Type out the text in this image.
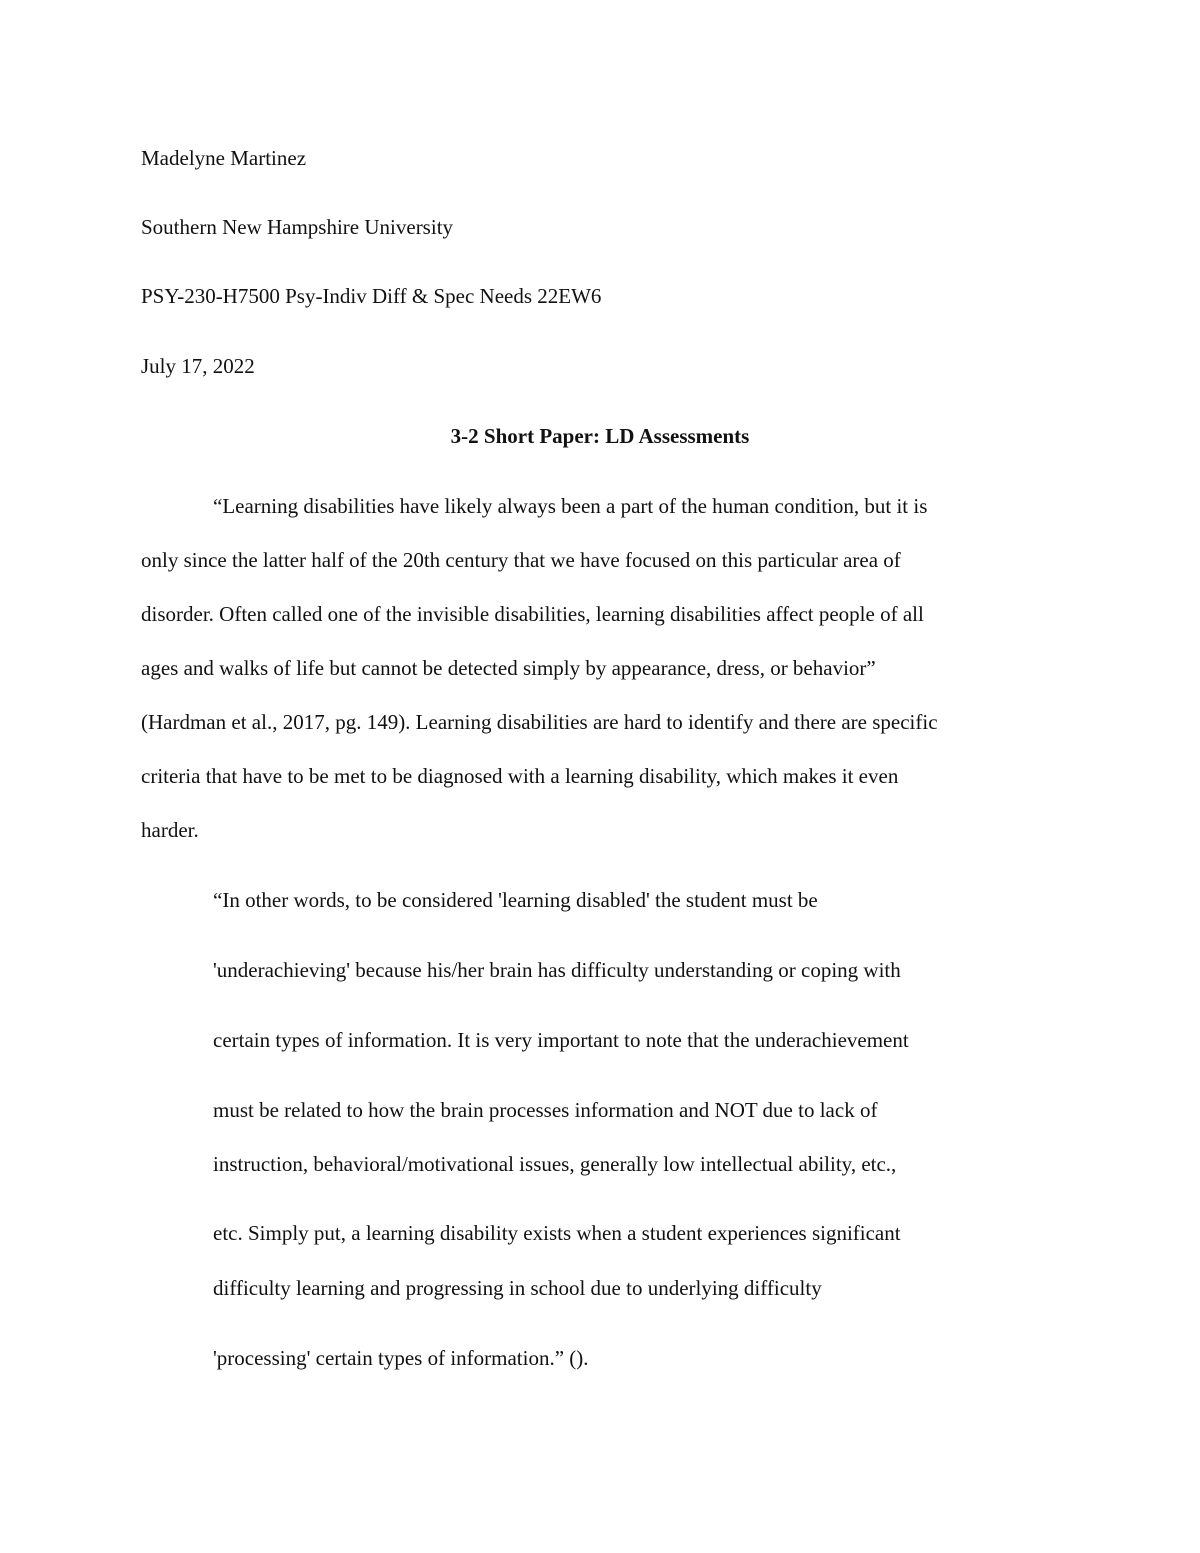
Madelyne Martinez

Southern New Hampshire University

PSY-230-H7500 Psy-Indiv Diff & Spec Needs 22EW6

July 17, 2022

3-2 Short Paper: LD Assessments

“Learning disabilities have likely always been a part of the human condition, but it is

only since the latter half of the 20th century that we have focused on this particular area of

disorder. Often called one of the invisible disabilities, learning disabilities affect people of all

ages and walks of life but cannot be detected simply by appearance, dress, or behavior”

(Hardman et al., 2017, pg. 149). Learning disabilities are hard to identify and there are specific

criteria that have to be met to be diagnosed with a learning disability, which makes it even

harder.

“In other words, to be considered 'learning disabled' the student must be

'underachieving' because his/her brain has difficulty understanding or coping with

certain types of information. It is very important to note that the underachievement

must be related to how the brain processes information and NOT due to lack of

instruction, behavioral/motivational issues, generally low intellectual ability, etc.,

etc. Simply put, a learning disability exists when a student experiences significant

difficulty learning and progressing in school due to underlying difficulty

'processing' certain types of information.” ().
